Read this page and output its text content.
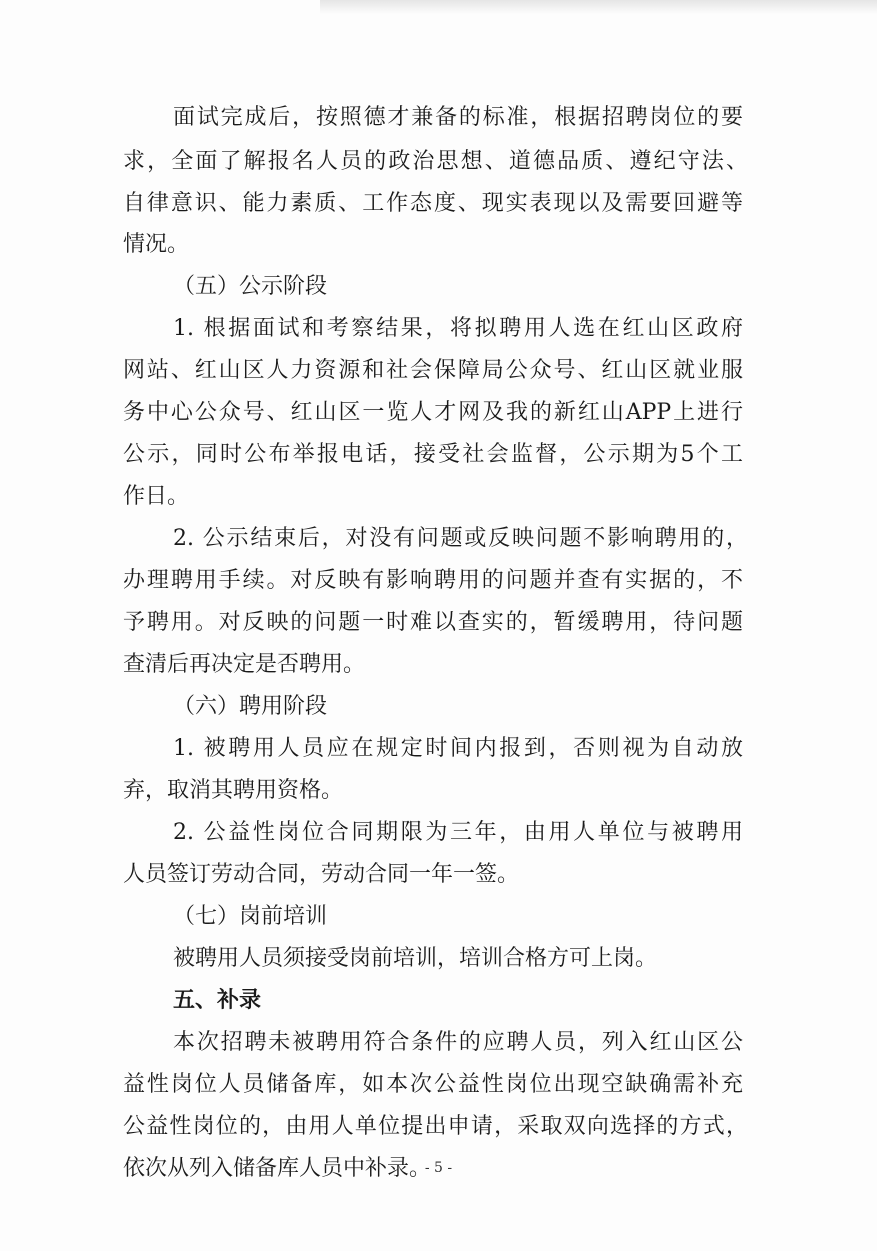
面试完成后，按照德才兼备的标准，根据招聘岗位的要

求，全面了解报名人员的政治思想、道德品质、遵纪守法、

自律意识、能力素质、工作态度、现实表现以及需要回避等

情况。

（五）公示阶段

1. 根据面试和考察结果，将拟聘用人选在红山区政府

网站、红山区人力资源和社会保障局公众号、红山区就业服

务中心公众号、红山区一览人才网及我的新红山APP上进行

公示，同时公布举报电话，接受社会监督，公示期为5个工

作日。

2. 公示结束后，对没有问题或反映问题不影响聘用的，

办理聘用手续。对反映有影响聘用的问题并查有实据的，不

予聘用。对反映的问题一时难以查实的，暂缓聘用，待问题

查清后再决定是否聘用。

（六）聘用阶段

1. 被聘用人员应在规定时间内报到，否则视为自动放

弃，取消其聘用资格。

2. 公益性岗位合同期限为三年，由用人单位与被聘用

人员签订劳动合同，劳动合同一年一签。

（七）岗前培训

被聘用人员须接受岗前培训，培训合格方可上岗。

五、补录

本次招聘未被聘用符合条件的应聘人员，列入红山区公

益性岗位人员储备库，如本次公益性岗位出现空缺确需补充

公益性岗位的，由用人单位提出申请，采取双向选择的方式，

依次从列入储备库人员中补录。

- 5 -
